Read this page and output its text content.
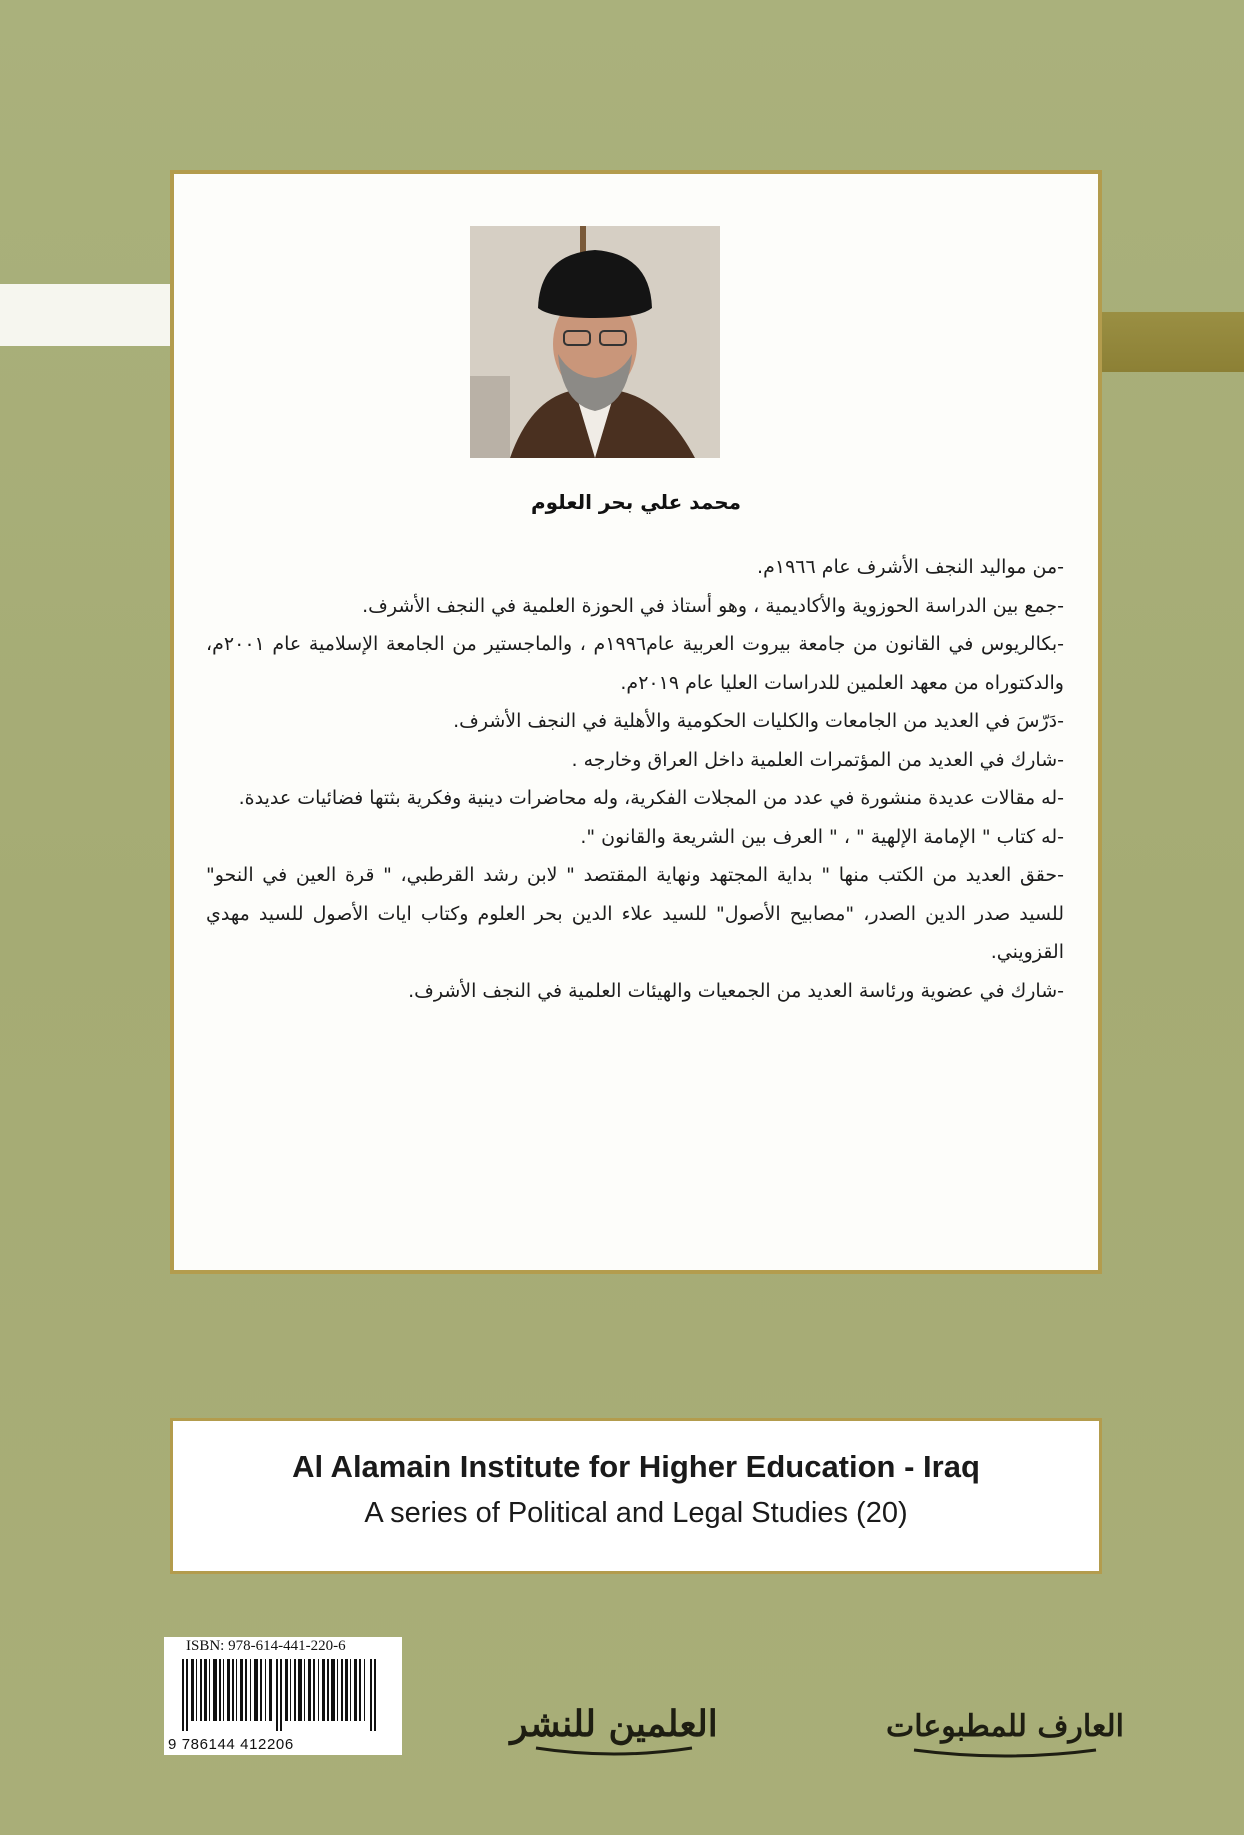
محمد علي بحر العلوم

-من مواليد النجف الأشرف عام ١٩٦٦م.

-جمع بين الدراسة الحوزوية والأكاديمية ، وهو أستاذ في الحوزة العلمية في النجف الأشرف.

-بكالريوس في القانون من جامعة بيروت العربية عام١٩٩٦م ، والماجستير من الجامعة الإسلامية عام ٢٠٠١م، والدكتوراه من معهد العلمين للدراسات العليا عام ٢٠١٩م.

-دَرّسَ في العديد من الجامعات والكليات الحكومية والأهلية في النجف الأشرف.

-شارك في العديد من المؤتمرات العلمية داخل العراق وخارجه .

-له مقالات عديدة منشورة في عدد من المجلات الفكرية، وله محاضرات دينية وفكرية بثتها فضائيات عديدة.

-له كتاب " الإمامة الإلهية " ، " العرف بين الشريعة والقانون ".

-حقق العديد من الكتب منها " بداية المجتهد ونهاية المقتصد " لابن رشد القرطبي، " قرة العين في النحو" للسيد صدر الدين الصدر، "مصابيح الأصول" للسيد علاء الدين بحر العلوم وكتاب ايات الأصول للسيد مهدي القزويني.

-شارك في عضوية ورئاسة العديد من الجمعيات والهيئات العلمية في النجف الأشرف.

Al Alamain Institute for Higher Education - Iraq
A series of Political and Legal Studies (20)
ISBN: 978-614-441-220-6
9 786144 412206	العلمين للنشر	العارف للمطبوعات
